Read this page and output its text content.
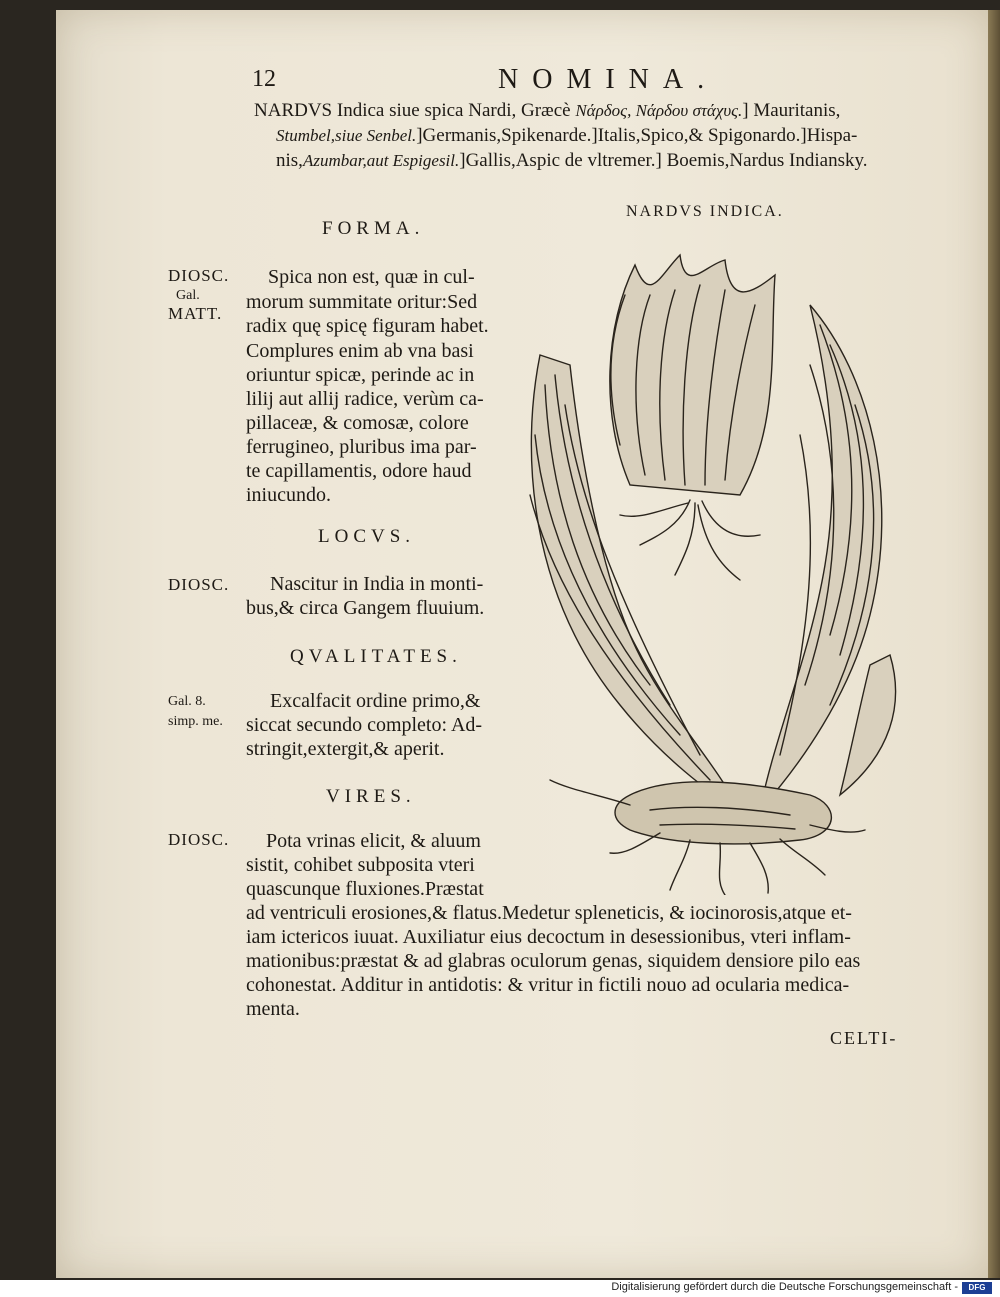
12	NOMINA.
NARDVS Indica siue spica Nardi, Græcè Νάρδος, Νάρδου στάχυς.] Mauritanis,
Stumbel,siue Senbel.]Germanis,Spikenarde.]Italis,Spico,& Spigonardo.]Hispa-
nis,Azumbar,aut Espigesil.]Gallis,Aspic de vltremer.] Boemis,Nardus Indiansky.
NARDVS INDICA.
FORMA.
DIOSC.
Gal.
MATT.
Spica non est, quæ in cul-
morum summitate oritur:Sed
radix quę spicę figuram habet.
Complures enim ab vna basi
oriuntur spicæ, perinde ac in
lilij aut allij radice, verùm ca-
pillaceæ, & comosæ, colore
ferrugineo, pluribus ima par-
te capillamentis, odore haud
iniucundo.
LOCVS.
DIOSC. Nascitur in India in monti-
bus,& circa Gangem fluuium.
QVALITATES.
Gal. 8.
simp. me.
Excalfacit ordine primo,&
siccat secundo completo: Ad-
stringit,extergit,& aperit.
VIRES.
DIOSC. Pota vrinas elicit, & aluum
sistit, cohibet subposita vteri
quascunque fluxiones.Præstat
ad ventriculi erosiones,& flatus.Medetur spleneticis, & iocinorosis,atque et-
iam ictericos iuuat. Auxiliatur eius decoctum in desessionibus, vteri inflam-
mationibus:præstat & ad glabras oculorum genas, siquidem densiore pilo eas
cohonestat. Additur in antidotis: & vritur in fictili nouo ad ocularia medica-
menta.
CELTI-
Digitalisierung gefördert durch die Deutsche Forschungsgemeinschaft -	DFG
